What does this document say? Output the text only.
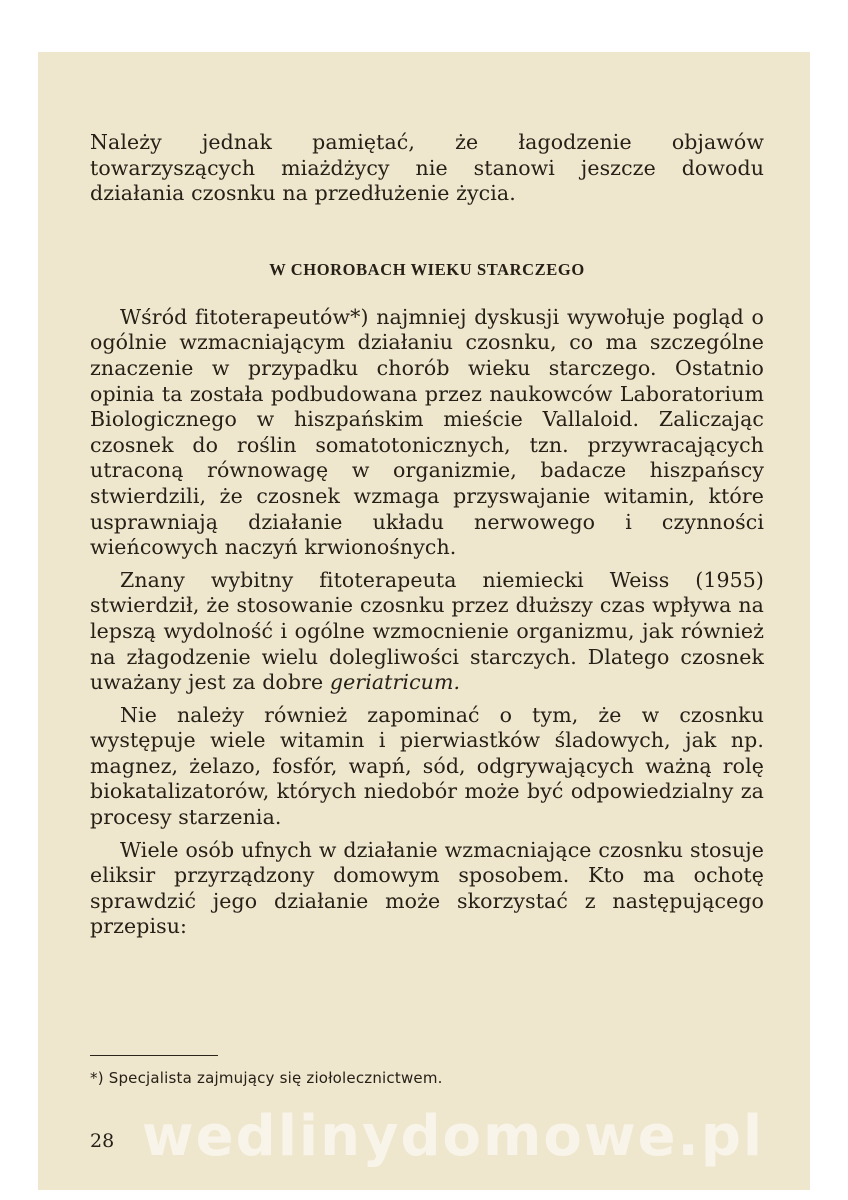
Należy jednak pamiętać, że łagodzenie objawów towarzyszących miażdżycy nie stanowi jeszcze dowodu działania czosnku na przedłużenie życia.

W CHOROBACH WIEKU STARCZEGO

Wśród fitoterapeutów*) najmniej dyskusji wywołuje pogląd o ogólnie wzmacniającym działaniu czosnku, co ma szczególne znaczenie w przypadku chorób wieku starczego. Ostatnio opinia ta została podbudowana przez naukowców Laboratorium Biologicznego w hiszpańskim mieście Vallaloid. Zaliczając czosnek do roślin somatotonicznych, tzn. przywracających utraconą równowagę w organizmie, badacze hiszpańscy stwierdzili, że czosnek wzmaga przyswajanie witamin, które usprawniają działanie układu nerwowego i czynności wieńcowych naczyń krwionośnych.

Znany wybitny fitoterapeuta niemiecki Weiss (1955) stwierdził, że stosowanie czosnku przez dłuższy czas wpływa na lepszą wydolność i ogólne wzmocnienie organizmu, jak również na złagodzenie wielu dolegliwości starczych. Dlatego czosnek uważany jest za dobre geriatricum.

Nie należy również zapominać o tym, że w czosnku występuje wiele witamin i pierwiastków śladowych, jak np. magnez, żelazo, fosfór, wapń, sód, odgrywających ważną rolę biokatalizatorów, których niedobór może być odpowiedzialny za procesy starzenia.

Wiele osób ufnych w działanie wzmacniające czosnku stosuje eliksir przyrządzony domowym sposobem. Kto ma ochotę sprawdzić jego działanie może skorzystać z następującego przepisu:

*) Specjalista zajmujący się ziołolecznictwem.
28 wedlinydomowe.pl
